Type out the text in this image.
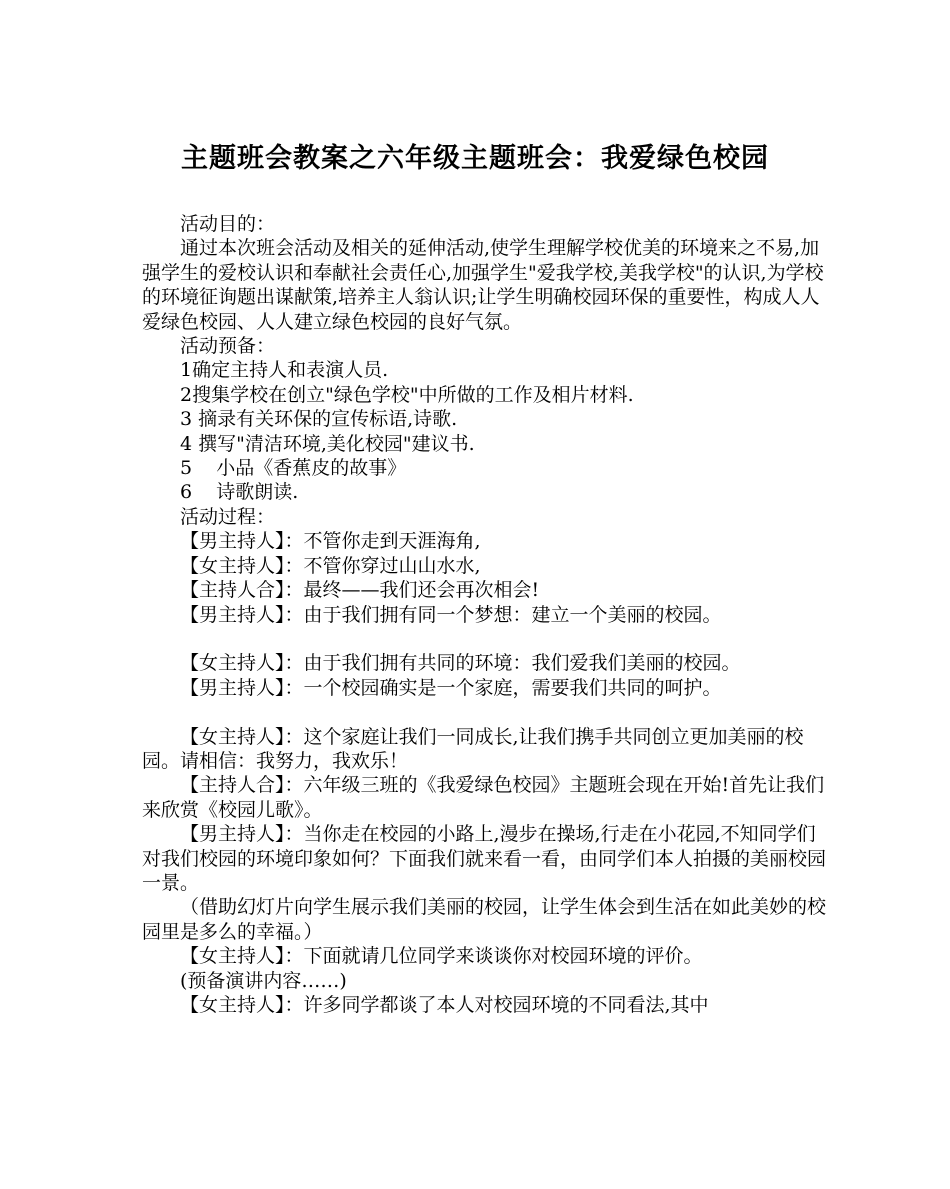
主题班会教案之六年级主题班会：我爱绿色校园

活动目的：

通过本次班会活动及相关的延伸活动,使学生理解学校优美的环境来之不易,加强学生的爱校认识和奉献社会责任心,加强学生"爱我学校,美我学校"的认识,为学校的环境征询题出谋献策,培养主人翁认识;让学生明确校园环保的重要性，构成人人爱绿色校园、人人建立绿色校园的良好气氛。

活动预备：

1确定主持人和表演人员.

2搜集学校在创立"绿色学校"中所做的工作及相片材料.

3 摘录有关环保的宣传标语,诗歌.

4 撰写"清洁环境,美化校园"建议书.

5    小品《香蕉皮的故事》

6    诗歌朗读.

活动过程：

【男主持人】：不管你走到天涯海角,

【女主持人】：不管你穿过山山水水,

【主持人合】：最终——我们还会再次相会!

【男主持人】：由于我们拥有同一个梦想：建立一个美丽的校园。

【女主持人】：由于我们拥有共同的环境：我们爱我们美丽的校园。

【男主持人】：一个校园确实是一个家庭，需要我们共同的呵护。

【女主持人】：这个家庭让我们一同成长,让我们携手共同创立更加美丽的校园。请相信：我努力，我欢乐！

【主持人合】：六年级三班的《我爱绿色校园》主题班会现在开始!首先让我们来欣赏《校园儿歌》。

【男主持人】：当你走在校园的小路上,漫步在操场,行走在小花园,不知同学们对我们校园的环境印象如何？下面我们就来看一看，由同学们本人拍摄的美丽校园一景。

（借助幻灯片向学生展示我们美丽的校园，让学生体会到生活在如此美妙的校园里是多么的幸福。）

【女主持人】：下面就请几位同学来谈谈你对校园环境的评价。

(预备演讲内容……)

【女主持人】：许多同学都谈了本人对校园环境的不同看法,其中
